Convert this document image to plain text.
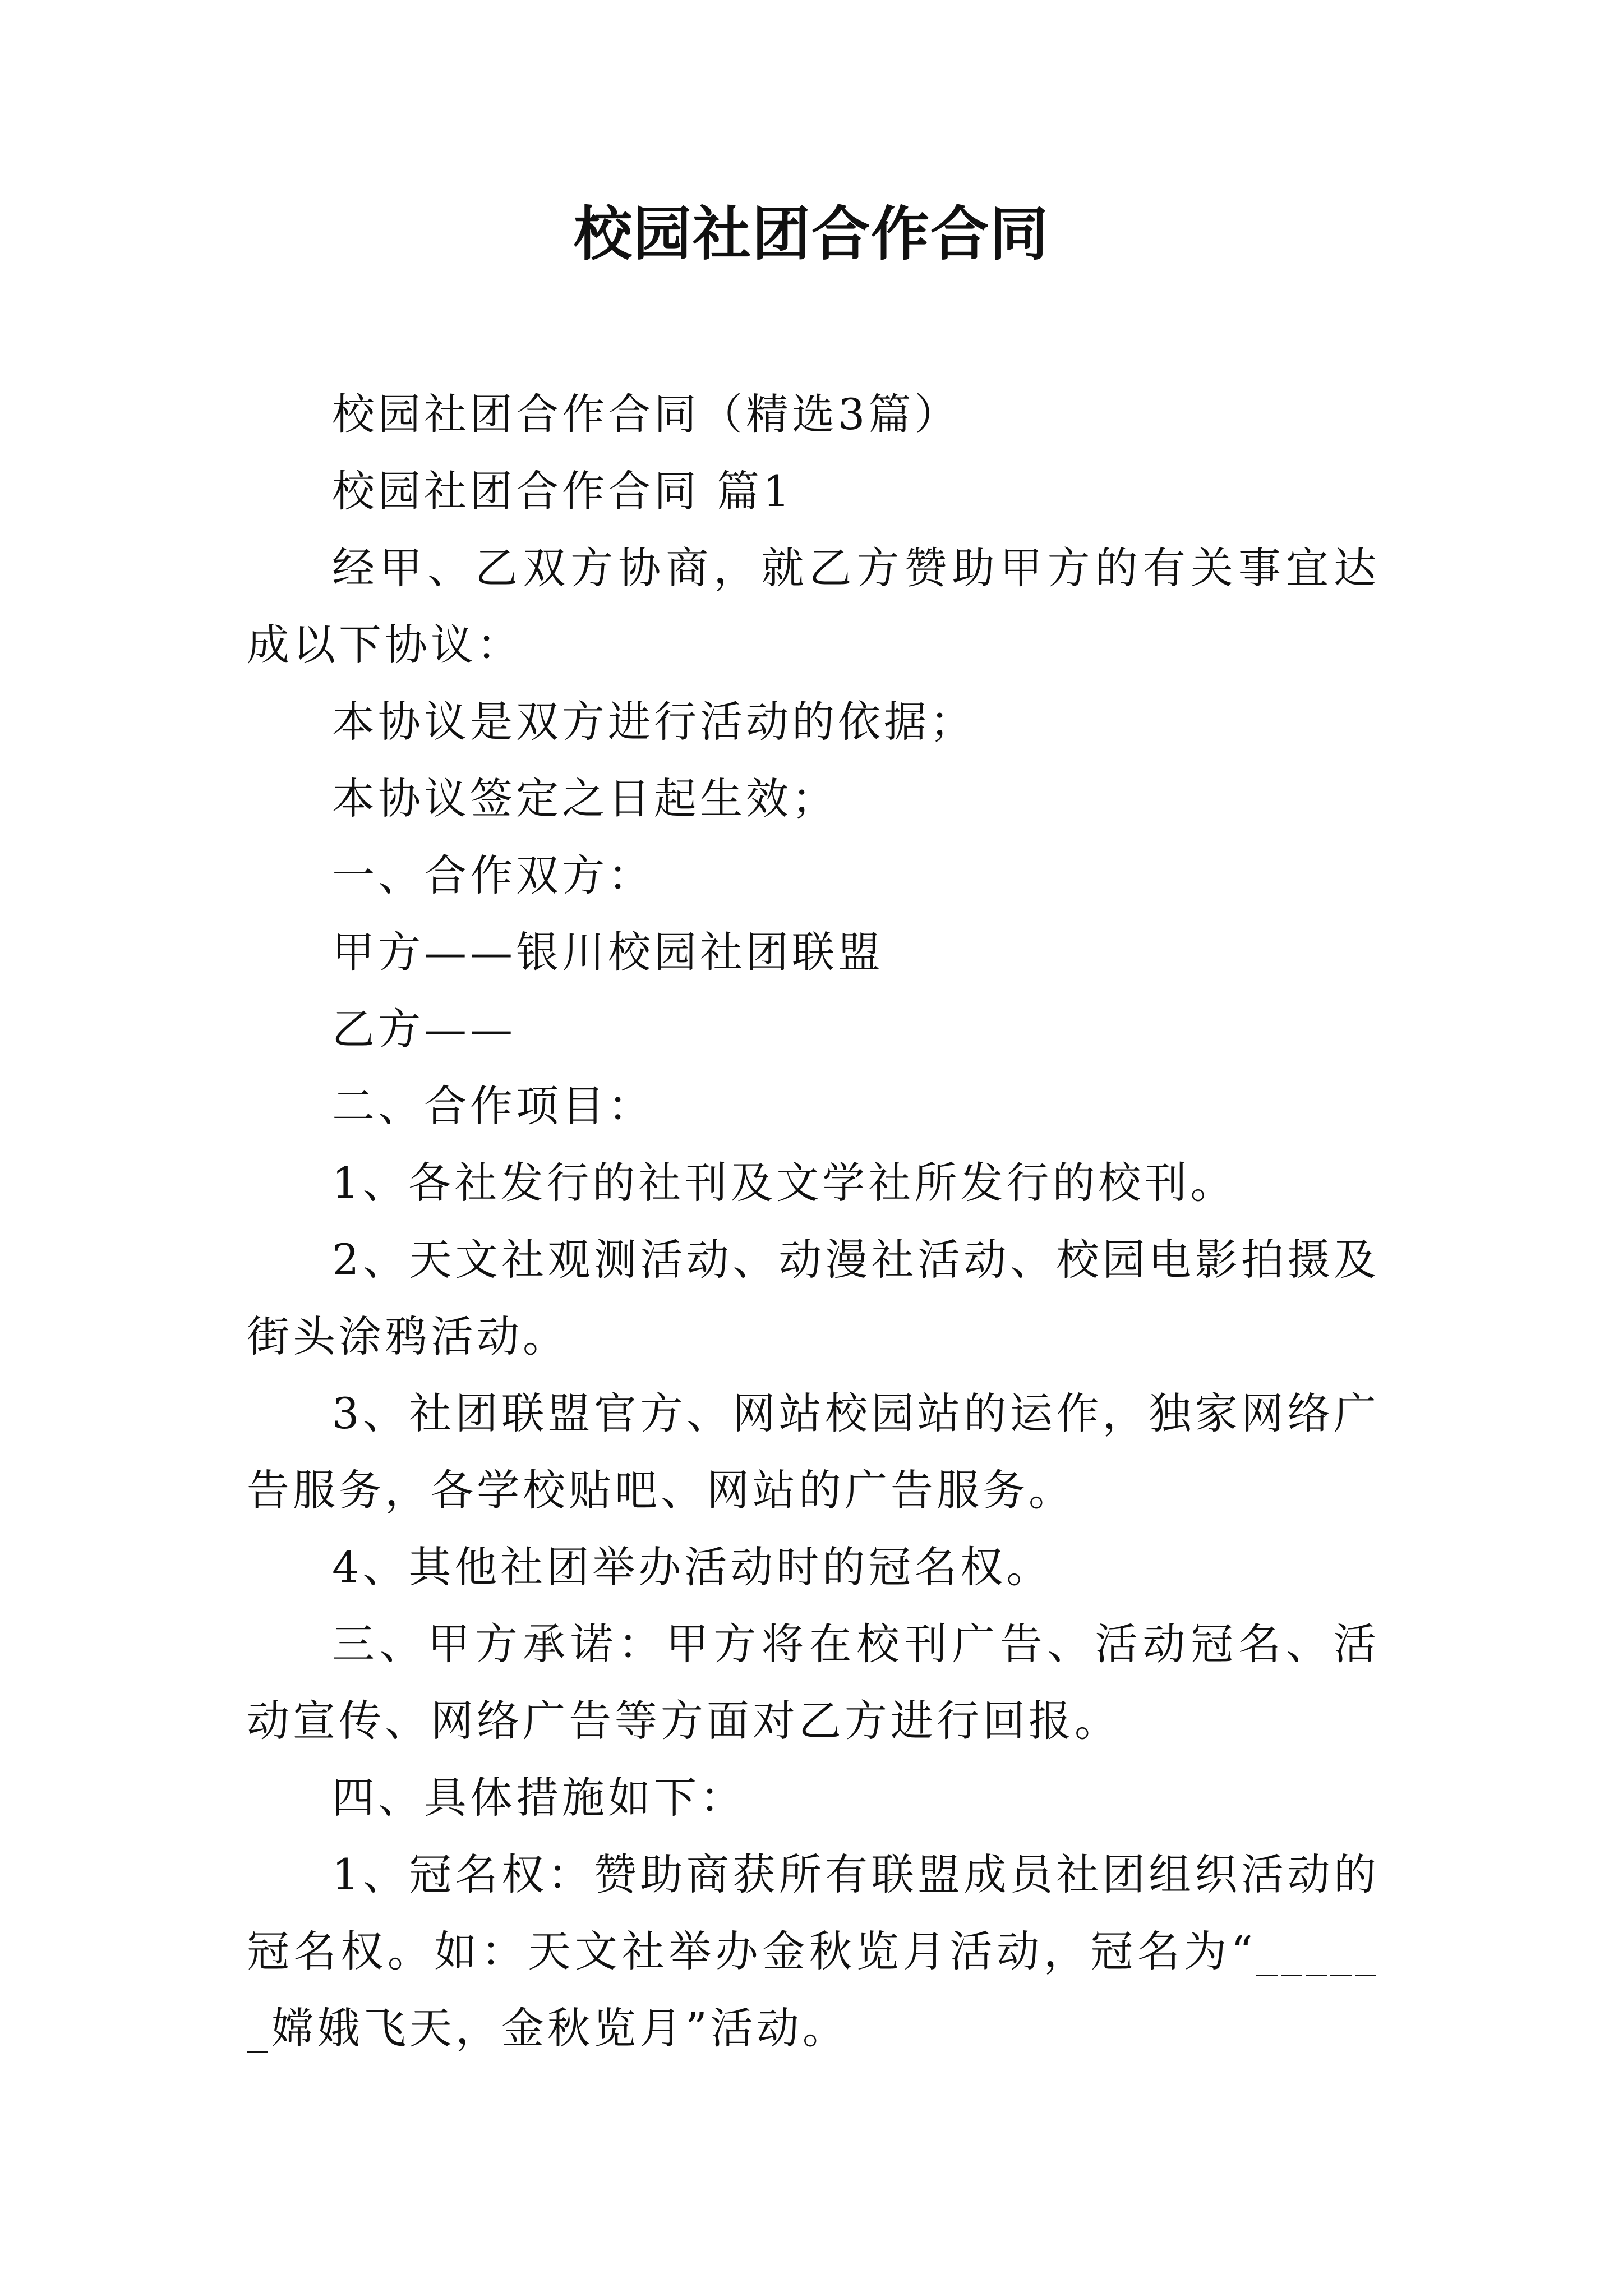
校园社团合作合同

校园社团合作合同（精选3篇）

校园社团合作合同 篇1

经甲、乙双方协商，就乙方赞助甲方的有关事宜达成以下协议：

本协议是双方进行活动的依据；

本协议签定之日起生效；

一、合作双方：

甲方——银川校园社团联盟

乙方——

二、合作项目：

1、各社发行的社刊及文学社所发行的校刊。

2、天文社观测活动、动漫社活动、校园电影拍摄及街头涂鸦活动。

3、社团联盟官方、网站校园站的运作，独家网络广告服务，各学校贴吧、网站的广告服务。

4、其他社团举办活动时的冠名权。

三、甲方承诺：甲方将在校刊广告、活动冠名、活动宣传、网络广告等方面对乙方进行回报。

四、具体措施如下：

1、冠名权：赞助商获所有联盟成员社团组织活动的冠名权。如：天文社举办金秋览月活动，冠名为“______嫦娥飞天，金秋览月”活动。
